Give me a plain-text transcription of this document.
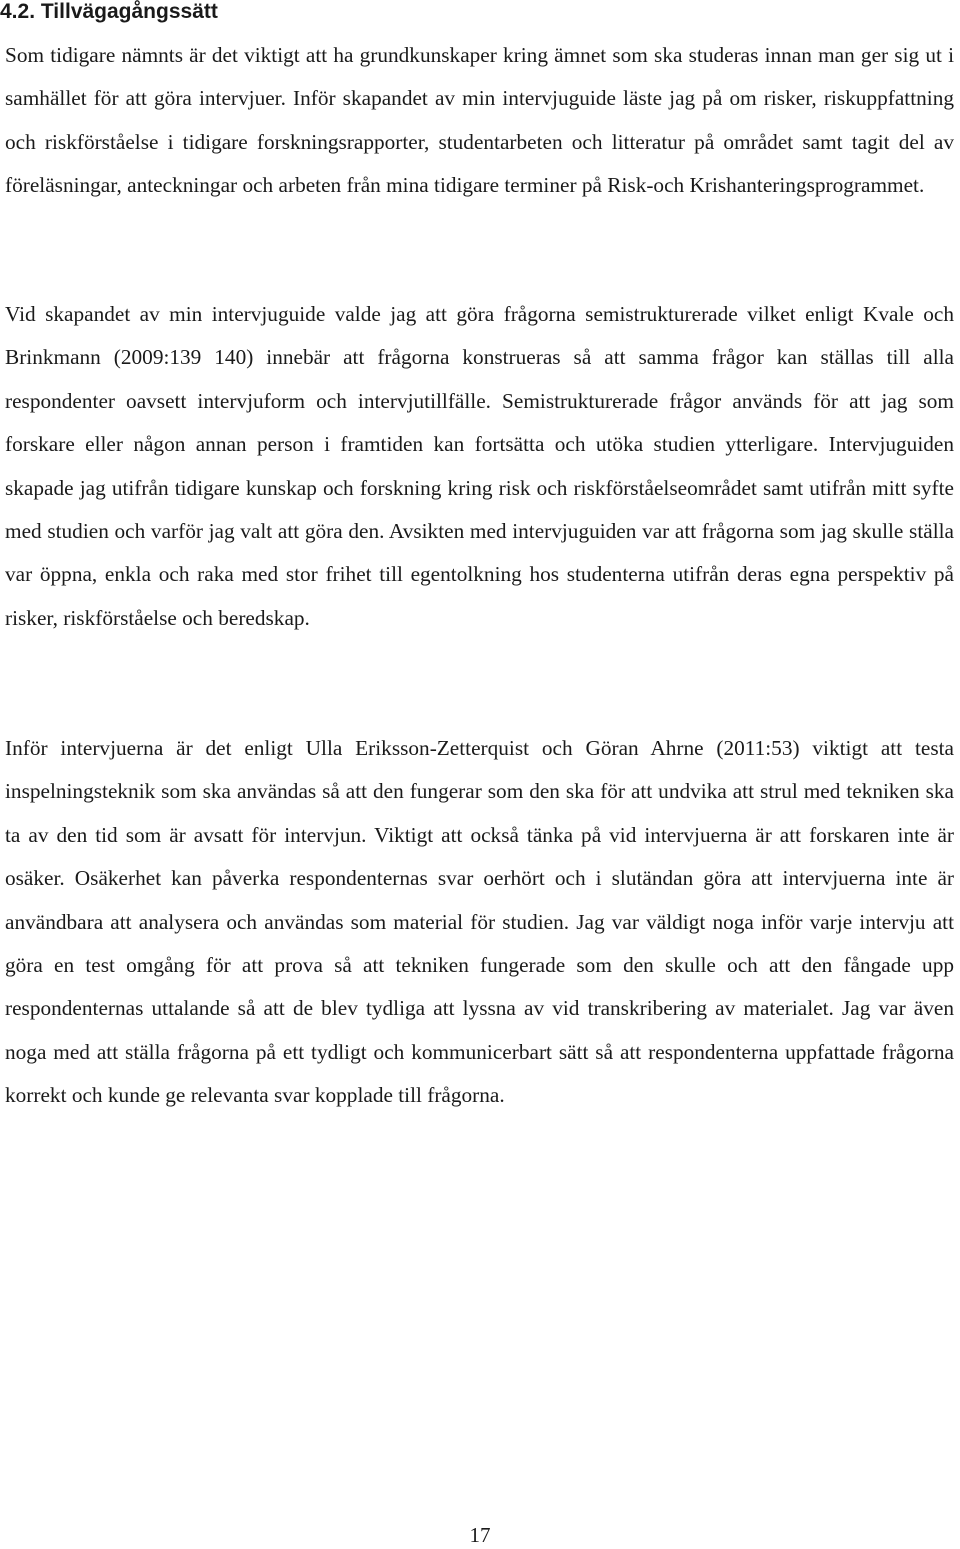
4.2. Tillvägagångssätt

Som tidigare nämnts är det viktigt att ha grundkunskaper kring ämnet som ska studeras innan man ger sig ut i samhället för att göra intervjuer. Inför skapandet av min intervjuguide läste jag på om risker, riskuppfattning och riskförståelse i tidigare forskningsrapporter, studentarbeten och litteratur på området samt tagit del av föreläsningar, anteckningar och arbeten från mina tidigare terminer på Risk-och Krishanteringsprogrammet.

Vid skapandet av min intervjuguide valde jag att göra frågorna semistrukturerade vilket enligt Kvale och Brinkmann (2009:139 140) innebär att frågorna konstrueras så att samma frågor kan ställas till alla respondenter oavsett intervjuform och intervjutillfälle. Semistrukturerade frågor används för att jag som forskare eller någon annan person i framtiden kan fortsätta och utöka studien ytterligare. Intervjuguiden skapade jag utifrån tidigare kunskap och forskning kring risk och riskförståelseområdet samt utifrån mitt syfte med studien och varför jag valt att göra den. Avsikten med intervjuguiden var att frågorna som jag skulle ställa var öppna, enkla och raka med stor frihet till egentolkning hos studenterna utifrån deras egna perspektiv på risker, riskförståelse och beredskap.

Inför intervjuerna är det enligt Ulla Eriksson-Zetterquist och Göran Ahrne (2011:53) viktigt att testa inspelningsteknik som ska användas så att den fungerar som den ska för att undvika att strul med tekniken ska ta av den tid som är avsatt för intervjun. Viktigt att också tänka på vid intervjuerna är att forskaren inte är osäker. Osäkerhet kan påverka respondenternas svar oerhört och i slutändan göra att intervjuerna inte är användbara att analysera och användas som material för studien. Jag var väldigt noga inför varje intervju att göra en test omgång för att prova så att tekniken fungerade som den skulle och att den fångade upp respondenternas uttalande så att de blev tydliga att lyssna av vid transkribering av materialet. Jag var även noga med att ställa frågorna på ett tydligt och kommunicerbart sätt så att respondenterna uppfattade frågorna korrekt och kunde ge relevanta svar kopplade till frågorna.

17
